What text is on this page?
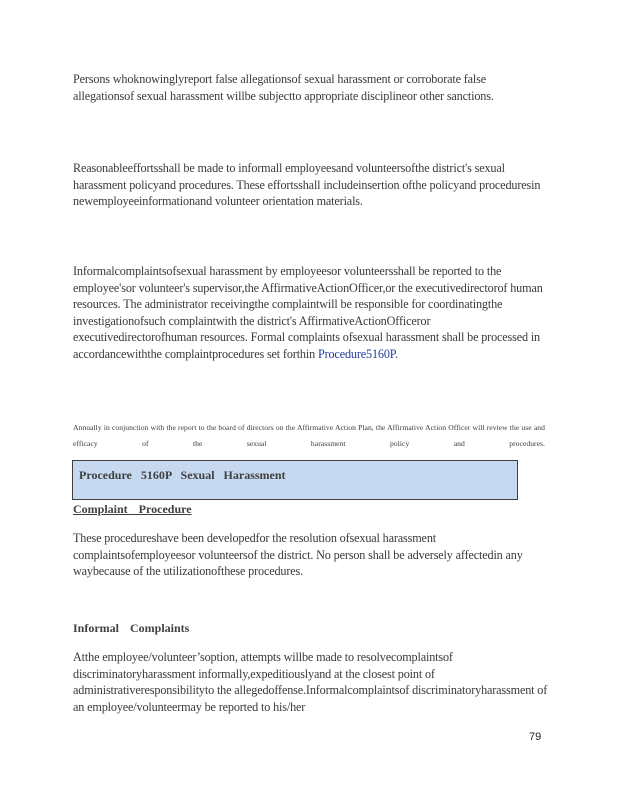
Persons whoknowinglyreport false allegationsof sexual harassment or corroborate false allegationsof sexual harassment willbe subjectto appropriate disciplineor other sanctions.
Reasonableeffortsshall be made to informall employeesand volunteersofthe district's sexual harassment policyand procedures. These effortsshall includeinsertion ofthe policyand proceduresin newemployeeinformationand volunteer orientation materials.
Informalcomplaintsofsexual harassment by employeesor volunteersshall be reported to the employee'sor volunteer's supervisor,the AffirmativeActionOfficer,or the executivedirectorof human resources. The administrator receivingthe complaintwill be responsible for coordinatingthe investigationofsuch complaintwith the district's AffirmativeActionOfficeror executivedirectorofhuman resources. Formal complaints ofsexual harassment shall be processed in accordancewiththe complaintprocedures set forthin Procedure5160P.
Annually in conjunction with the report to the board of directors on the Affirmative Action Plan, the Affirmative Action Officer will review the use and efficacy of the sexual harassment policy and procedures.
Procedure 5160P Sexual Harassment
Complaint Procedure
These procedureshave been developedfor the resolution ofsexual harassment complaintsofemployeesor volunteersof the district. No person shall be adversely affectedin any waybecause of the utilizationofthese procedures.
Informal Complaints
Atthe employee/volunteer’soption, attempts willbe made to resolvecomplaintsof discriminatoryharassment informally,expeditiouslyand at the closest point of administrativeresponsibilityto the allegedoffense.Informalcomplaintsof discriminatoryharassment of an employee/volunteermay be reported to his/her
79
